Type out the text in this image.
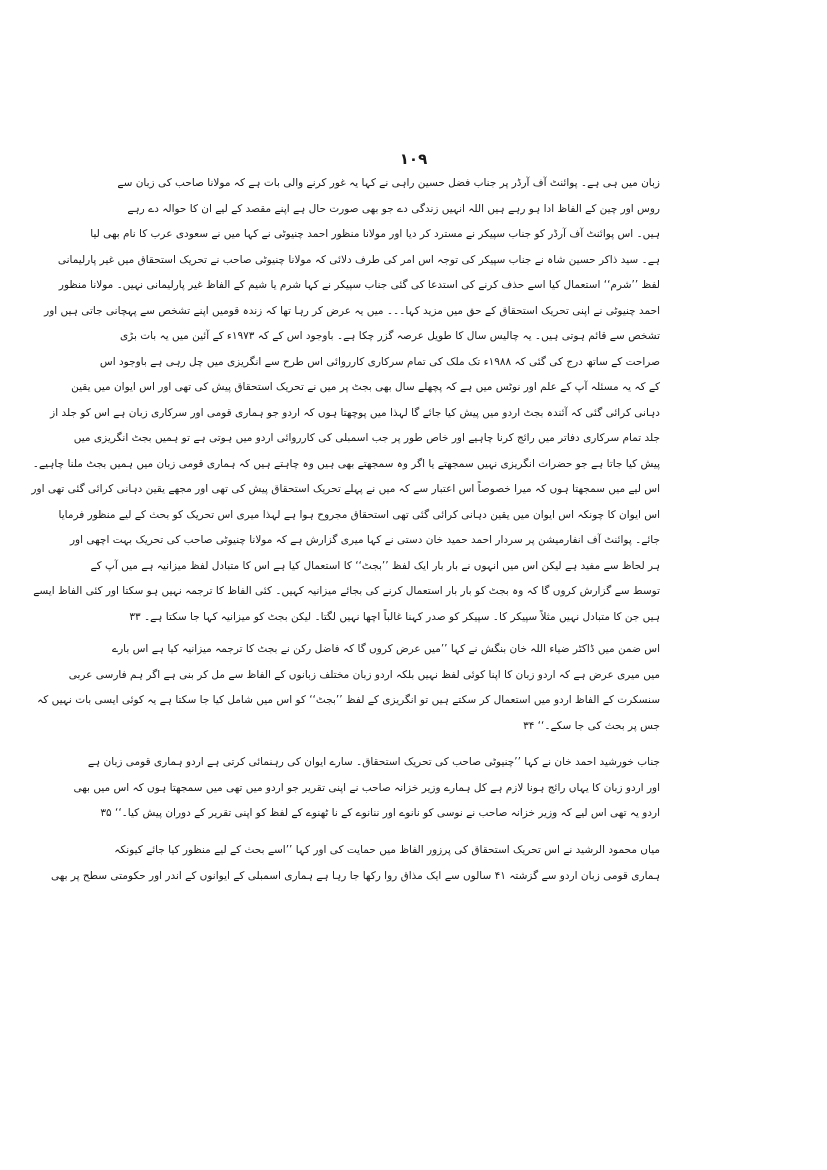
۱۰۹
زبان میں ہی ہے۔ پوائنٹ آف آرڈر پر جناب فضل حسین راہی نے کہا یہ غور کرنے والی بات ہے کہ مولانا صاحب کی زبان سے
روس اور چین کے الفاظ ادا ہو رہے ہیں اللہ انہیں زندگی دے جو بھی صورت حال ہے اپنے مقصد کے لیے ان کا حوالہ دے رہے
ہیں۔ اس پوائنٹ آف آرڈر کو جناب سپیکر نے مسترد کر دیا اور مولانا منظور احمد چنیوٹی نے کہا میں نے سعودی عرب کا نام بھی لیا
ہے۔ سید ذاکر حسین شاہ نے جناب سپیکر کی توجہ اس امر کی طرف دلائی کہ مولانا چنیوٹی صاحب نے تحریک استحقاق میں غیر پارلیمانی
لفظ ’’شرم‘‘ استعمال کیا اسے حذف کرنے کی استدعا کی گئی جناب سپیکر نے کہا شرم یا شیم کے الفاظ غیر پارلیمانی نہیں۔ مولانا منظور
احمد چنیوٹی نے اپنی تحریک استحقاق کے حق میں مزید کہا۔۔۔ میں یہ عرض کر رہا تھا کہ زندہ قومیں اپنے تشخص سے پہچانی جاتی ہیں اور
تشخص سے قائم ہوتی ہیں۔ یہ چالیس سال کا طویل عرصہ گزر چکا ہے۔ باوجود اس کے کہ ۱۹۷۳ء کے آئین میں یہ بات بڑی
صراحت کے ساتھ درج کی گئی کہ ۱۹۸۸ء تک ملک کی تمام سرکاری کارروائی اس طرح سے انگریزی میں چل رہی ہے باوجود اس
کے کہ یہ مسئلہ آپ کے علم اور نوٹس میں ہے کہ پچھلے سال بھی بجٹ پر میں نے تحریک استحقاق پیش کی تھی اور اس ایوان میں یقین
دہانی کرائی گئی کہ آئندہ بجٹ اردو میں پیش کیا جائے گا لہذا میں پوچھتا ہوں کہ اردو جو ہماری قومی اور سرکاری زبان ہے اس کو جلد از
جلد تمام سرکاری دفاتر میں رائج کرنا چاہیے اور خاص طور پر جب اسمبلی کی کارروائی اردو میں ہوتی ہے تو ہمیں بجٹ انگریزی میں
پیش کیا جاتا ہے جو حضرات انگریزی نہیں سمجھتے یا اگر وہ سمجھتے بھی ہیں وہ چاہتے ہیں کہ ہماری قومی زبان میں ہمیں بجٹ ملنا چاہیے۔
اس لیے میں سمجھتا ہوں کہ میرا خصوصاً اس اعتبار سے کہ میں نے پہلے تحریک استحقاق پیش کی تھی اور مجھے یقین دہانی کرائی گئی تھی اور
اس ایوان کا چونکہ اس ایوان میں یقین دہانی کرائی گئی تھی استحقاق مجروح ہوا ہے لہذا میری اس تحریک کو بحث کے لیے منظور فرمایا
جائے۔ پوائنٹ آف انفارمیشن پر سردار احمد حمید خان دستی نے کہا میری گزارش ہے کہ مولانا چنیوٹی صاحب کی تحریک بہت اچھی اور
ہر لحاظ سے مفید ہے لیکن اس میں انہوں نے بار بار ایک لفظ ’’بجٹ‘‘ کا استعمال کیا ہے اس کا متبادل لفظ میزانیہ ہے میں آپ کے
توسط سے گزارش کروں گا کہ وہ بجٹ کو بار بار استعمال کرنے کی بجائے میزانیہ کہیں۔ کئی الفاظ کا ترجمہ نہیں ہو سکتا اور کئی الفاظ ایسے
ہیں جن کا متبادل نہیں مثلاً سپیکر کا۔ سپیکر کو صدر کہنا غالباً اچھا نہیں لگتا۔ لیکن بجٹ کو میزانیہ کہا جا سکتا ہے۔ ۳۳
اس ضمن میں ڈاکٹر ضیاء اللہ خان بنگش نے کہا ’’میں عرض کروں گا کہ فاضل رکن نے بجٹ کا ترجمہ میزانیہ کیا ہے اس بارے
میں میری عرض ہے کہ اردو زبان کا اپنا کوئی لفظ نہیں بلکہ اردو زبان مختلف زبانوں کے الفاظ سے مل کر بنی ہے اگر ہم فارسی عربی
سنسکرت کے الفاظ اردو میں استعمال کر سکتے ہیں تو انگریزی کے لفظ ’’بجٹ‘‘ کو اس میں شامل کیا جا سکتا ہے یہ کوئی ایسی بات نہیں کہ
جس پر بحث کی جا سکے۔‘‘ ۳۴
جناب خورشید احمد خان نے کہا ’’چنیوٹی صاحب کی تحریک استحقاق۔ سارے ایوان کی رہنمائی کرتی ہے اردو ہماری قومی زبان ہے
اور اردو زبان کا یہاں رائج ہونا لازم ہے کل ہمارے وزیر خزانہ صاحب نے اپنی تقریر جو اردو میں تھی میں سمجھتا ہوں کہ اس میں بھی
اردو یہ تھی اس لیے کہ وزیر خزانہ صاحب نے نوسی کو نانوے اور ننانوے کے نا ٹھنوے کے لفظ کو اپنی تقریر کے دوران پیش کیا۔‘‘ ۳۵
میاں محمود الرشید نے اس تحریک استحقاق کی پرزور الفاظ میں حمایت کی اور کہا ’’اسے بحث کے لیے منظور کیا جائے کیونکہ
ہماری قومی زبان اردو سے گزشتہ ۴۱ سالوں سے ایک مذاق روا رکھا جا رہا ہے ہماری اسمبلی کے ایوانوں کے اندر اور حکومتی سطح پر بھی
